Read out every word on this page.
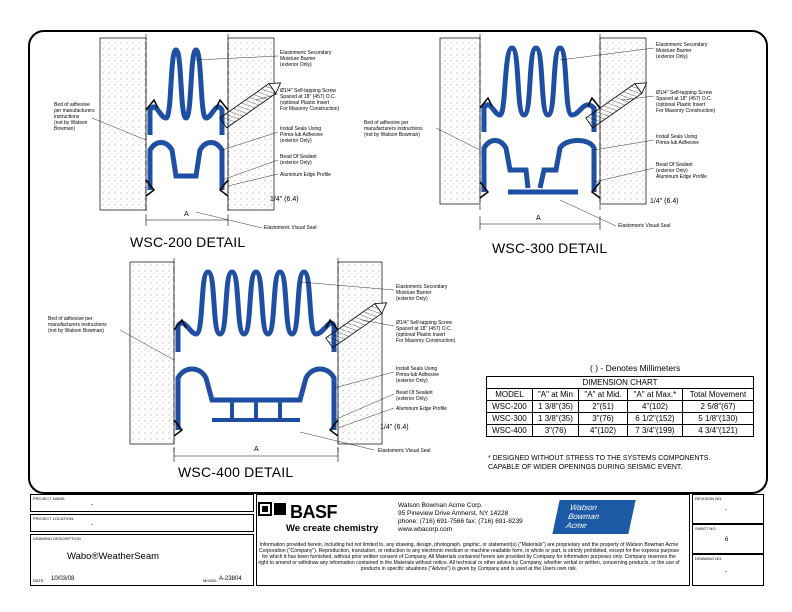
Bed of adhesive
per manufacturers
instructions
(not by Watson
Bowman)
Elastomeric Secondary
Moisture Barrier
(exterior Only)
Ø1/4" Self-tapping Screw
Spaced at 18" (457) O.C.
(optional Plastic Insert
For Masonry Construction)
Install Seals Using
Prima-lub Adhesive
(exterior Only)
Bead Of Sealant
(exterior Only)
Aluminum Edge Profile
Elastomeric Visual Seal
1/4" (6.4)
A
WSC-200 DETAIL
Bed of adhesive per
manufacturers instructions
(not by Watson Bowman)
Elastomeric Secondary
Moisture Barrier
(exterior Only)
Ø1/4" Self-tapping Screw
Spaced at 18" (457) O.C.
(optional Plastic Insert
For Masonry Construction)
Install Seals Using
Prima-lub Adhesive
Bead Of Sealant
(exterior Only)
Aluminum Edge Profile
Elastomeric Visual Seal
1/4" (6.4)
A
WSC-300 DETAIL
Bed of adhesive per
manufacturers instructions
(not by Watson Bowman)
Elastomeric Secondary
Moisture Barrier
(exterior Only)
Ø1/4" Self-tapping Screw
Spaced at 18" (457) O.C.
(optional Plastic Insert
For Masonry Construction)
Install Seals Using
Prima-lub Adhesive
(exterior Only)
Bead Of Sealant
(exterior Only)
Aluminum Edge Profile
Elastomeric Visual Seal
1/4" (6.4)
A
WSC-400 DETAIL
( ) - Denotes Millimeters
DIMENSION CHART				
MODEL	"A" at Min	"A" at Mid.	"A" at Max.*	Total Movement
WSC-200	1 3/8"(35)	2"(51)	4"(102)	2 5/8"(67)
WSC-300	1 3/8"(35)	3"(76)	6 1/2"(152)	5 1/8"(130)
WSC-400	3"(76)	4"(102)	7 3/4"(199)	4 3/4"(121)
* DESIGNED WITHOUT STRESS TO THE SYSTEMS COMPONENTS.
CAPABLE OF WIDER OPENINGS DURING SEISMIC EVENT.
PROJECT NAME:
-
PROJECT LOCATION:
-
DRAWING DESCRIPTION
Wabo®WeatherSeam
DATE: 10/03/08	MODEL: A-23804
BASF
We create chemistry
Watson Bowman Acme Corp.
95 Pineview Drive Amherst, NY 14228
phone: (716) 691-7566 fax: (716) 691-8239
www.wbacorp.com
Watson
Bowman
Acme
Information provided herein, including but not limited to, any drawing, design, photograph, graphic, or statement(s) ("Materials") are proprietary and the property of Watson Bowman Acme Corporation ("Company"). Reproduction, translation, or reduction to any electronic medium or machine readable form, in whole or part, is strictly prohibited, except for the express purpose for which it has been furnished, without prior written consent of Company. All Materials contained herein are provided by Company for information purposes only. Company reserves the right to amend or withdraw any information contained in the Materials without notice. All technical or other advice by Company, whether verbal or written, concerning products, or the use of products in specific situations ("Advice") is given by Company and is used at the Users own risk.
REVISION NO:
-
SHEET NO:
6
DRAWING NO:
-
